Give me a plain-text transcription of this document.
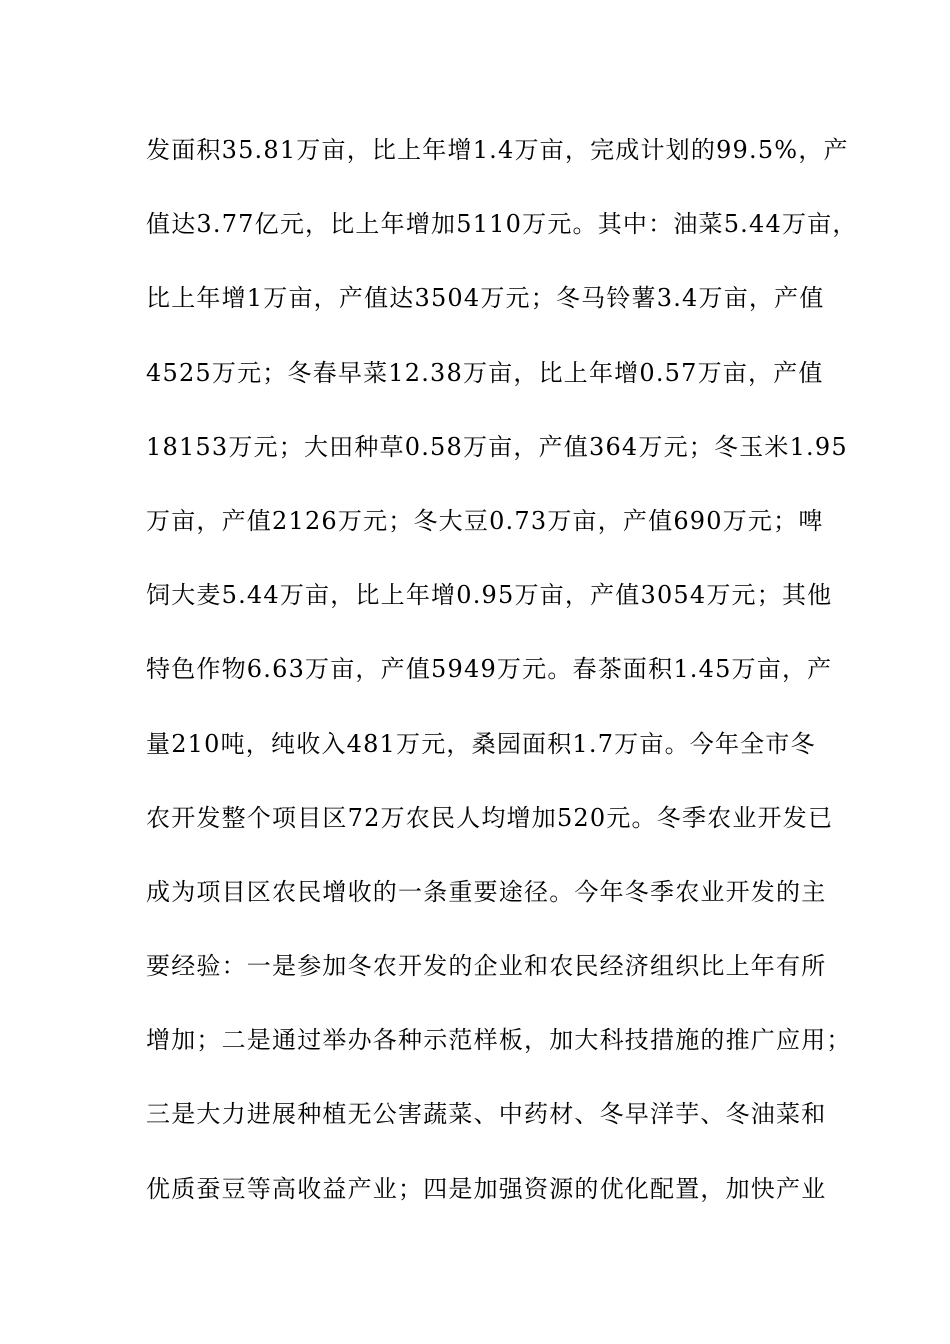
发面积35.81万亩，比上年增1.4万亩，完成计划的99.5%，产
值达3.77亿元，比上年增加5110万元。其中：油菜5.44万亩，
比上年增1万亩，产值达3504万元；冬马铃薯3.4万亩，产值
4525万元；冬春早菜12.38万亩，比上年增0.57万亩，产值
18153万元；大田种草0.58万亩，产值364万元；冬玉米1.95
万亩，产值2126万元；冬大豆0.73万亩，产值690万元；啤
饲大麦5.44万亩，比上年增0.95万亩，产值3054万元；其他
特色作物6.63万亩，产值5949万元。春茶面积1.45万亩，产
量210吨，纯收入481万元，桑园面积1.7万亩。今年全市冬
农开发整个项目区72万农民人均增加520元。冬季农业开发已
成为项目区农民增收的一条重要途径。今年冬季农业开发的主
要经验：一是参加冬农开发的企业和农民经济组织比上年有所
增加；二是通过举办各种示范样板，加大科技措施的推广应用；
三是大力进展种植无公害蔬菜、中药材、冬早洋芋、冬油菜和
优质蚕豆等高收益产业；四是加强资源的优化配置，加快产业
